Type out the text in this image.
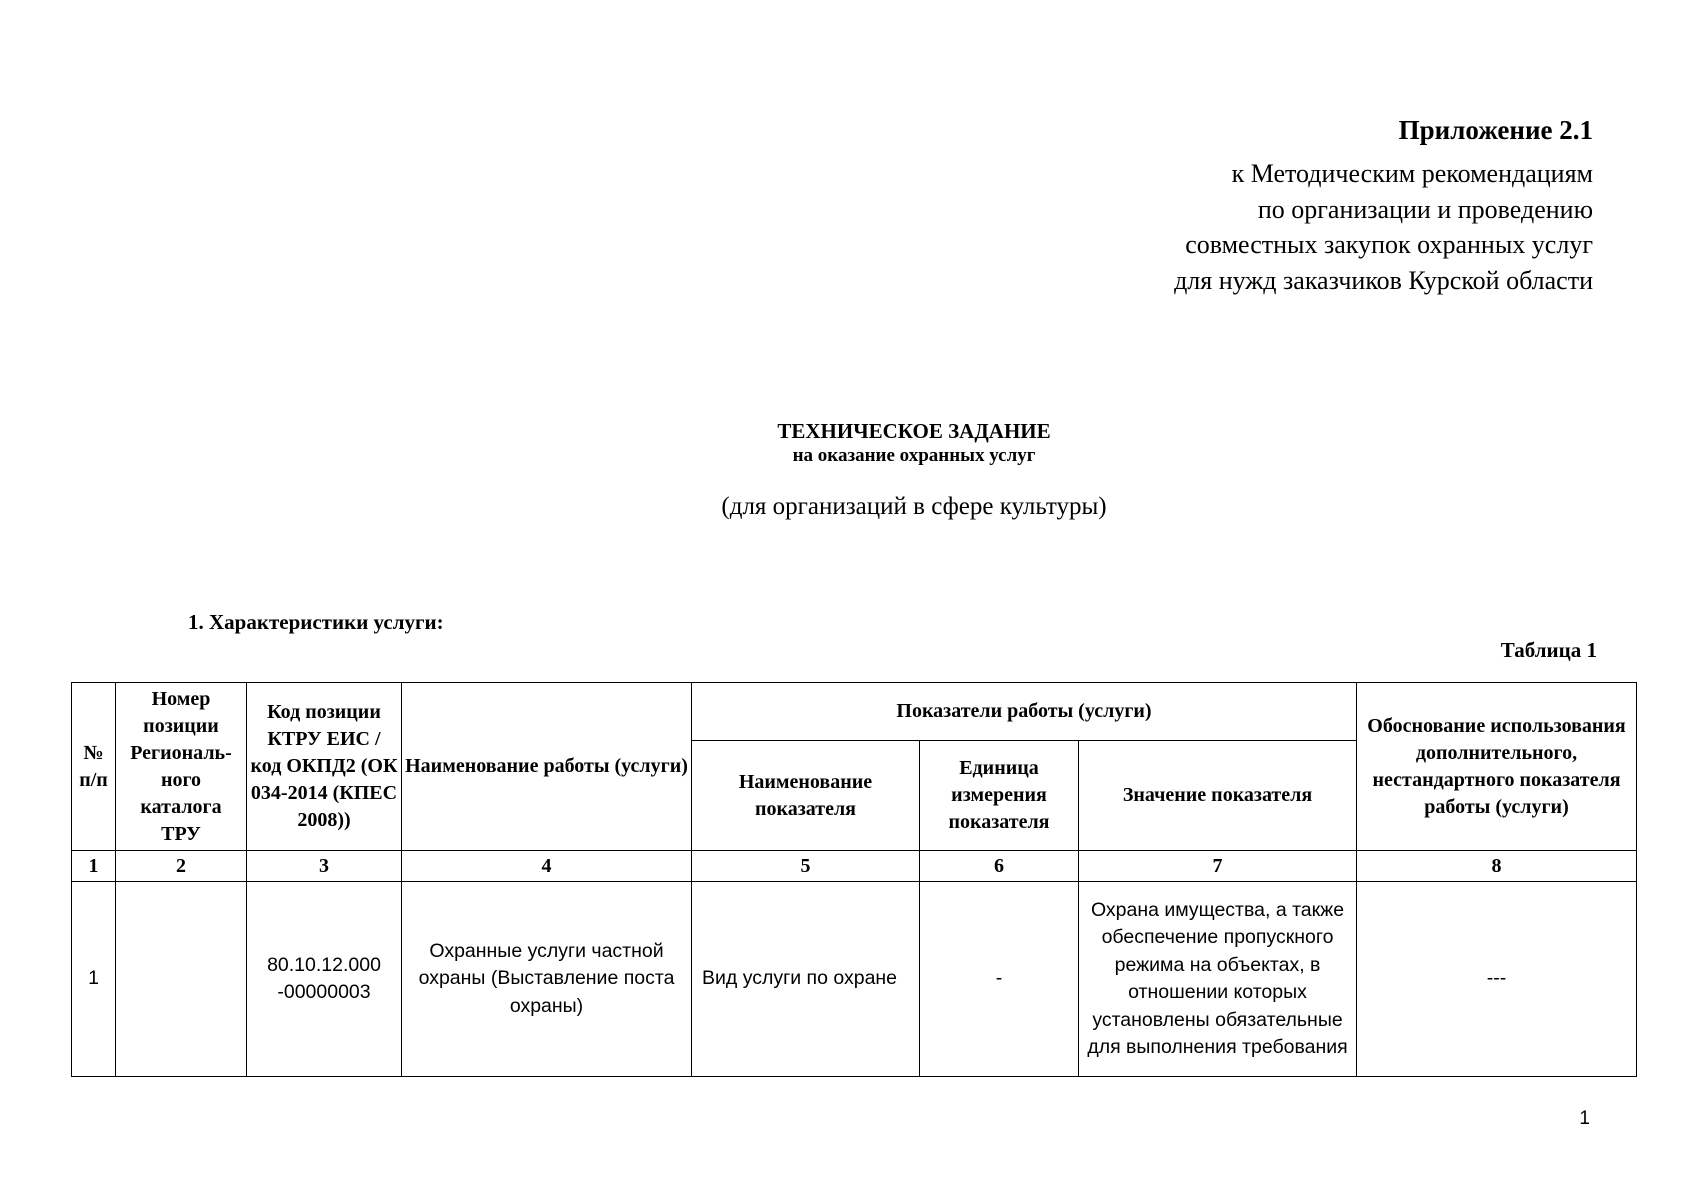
Приложение 2.1
к Методическим рекомендациям
по организации и проведению
совместных закупок охранных услуг
для нужд заказчиков Курской области
ТЕХНИЧЕСКОЕ ЗАДАНИЕ
на оказание охранных услуг
(для организаций в сфере культуры)
1. Характеристики услуги:
Таблица 1
№ п/п	Номер позиции Региональ-ного каталога ТРУ	Код позиции КТРУ ЕИС / код ОКПД2 (ОК 034-2014 (КПЕС 2008))	Наименование работы (услуги)	Показатели работы (услуги)			Обоснование использования дополнительного, нестандартного показателя работы (услуги)
				Наименование показателя	Единица измерения показателя	Значение показателя	
1	2	3	4	5	6	7	8
1		80.10.12.000 -00000003	Охранные услуги частной охраны (Выставление поста охраны)	Вид услуги по охране	-	Охрана имущества, а также обеспечение пропускного режима на объектах, в отношении которых установлены обязательные для выполнения требования	---
1
